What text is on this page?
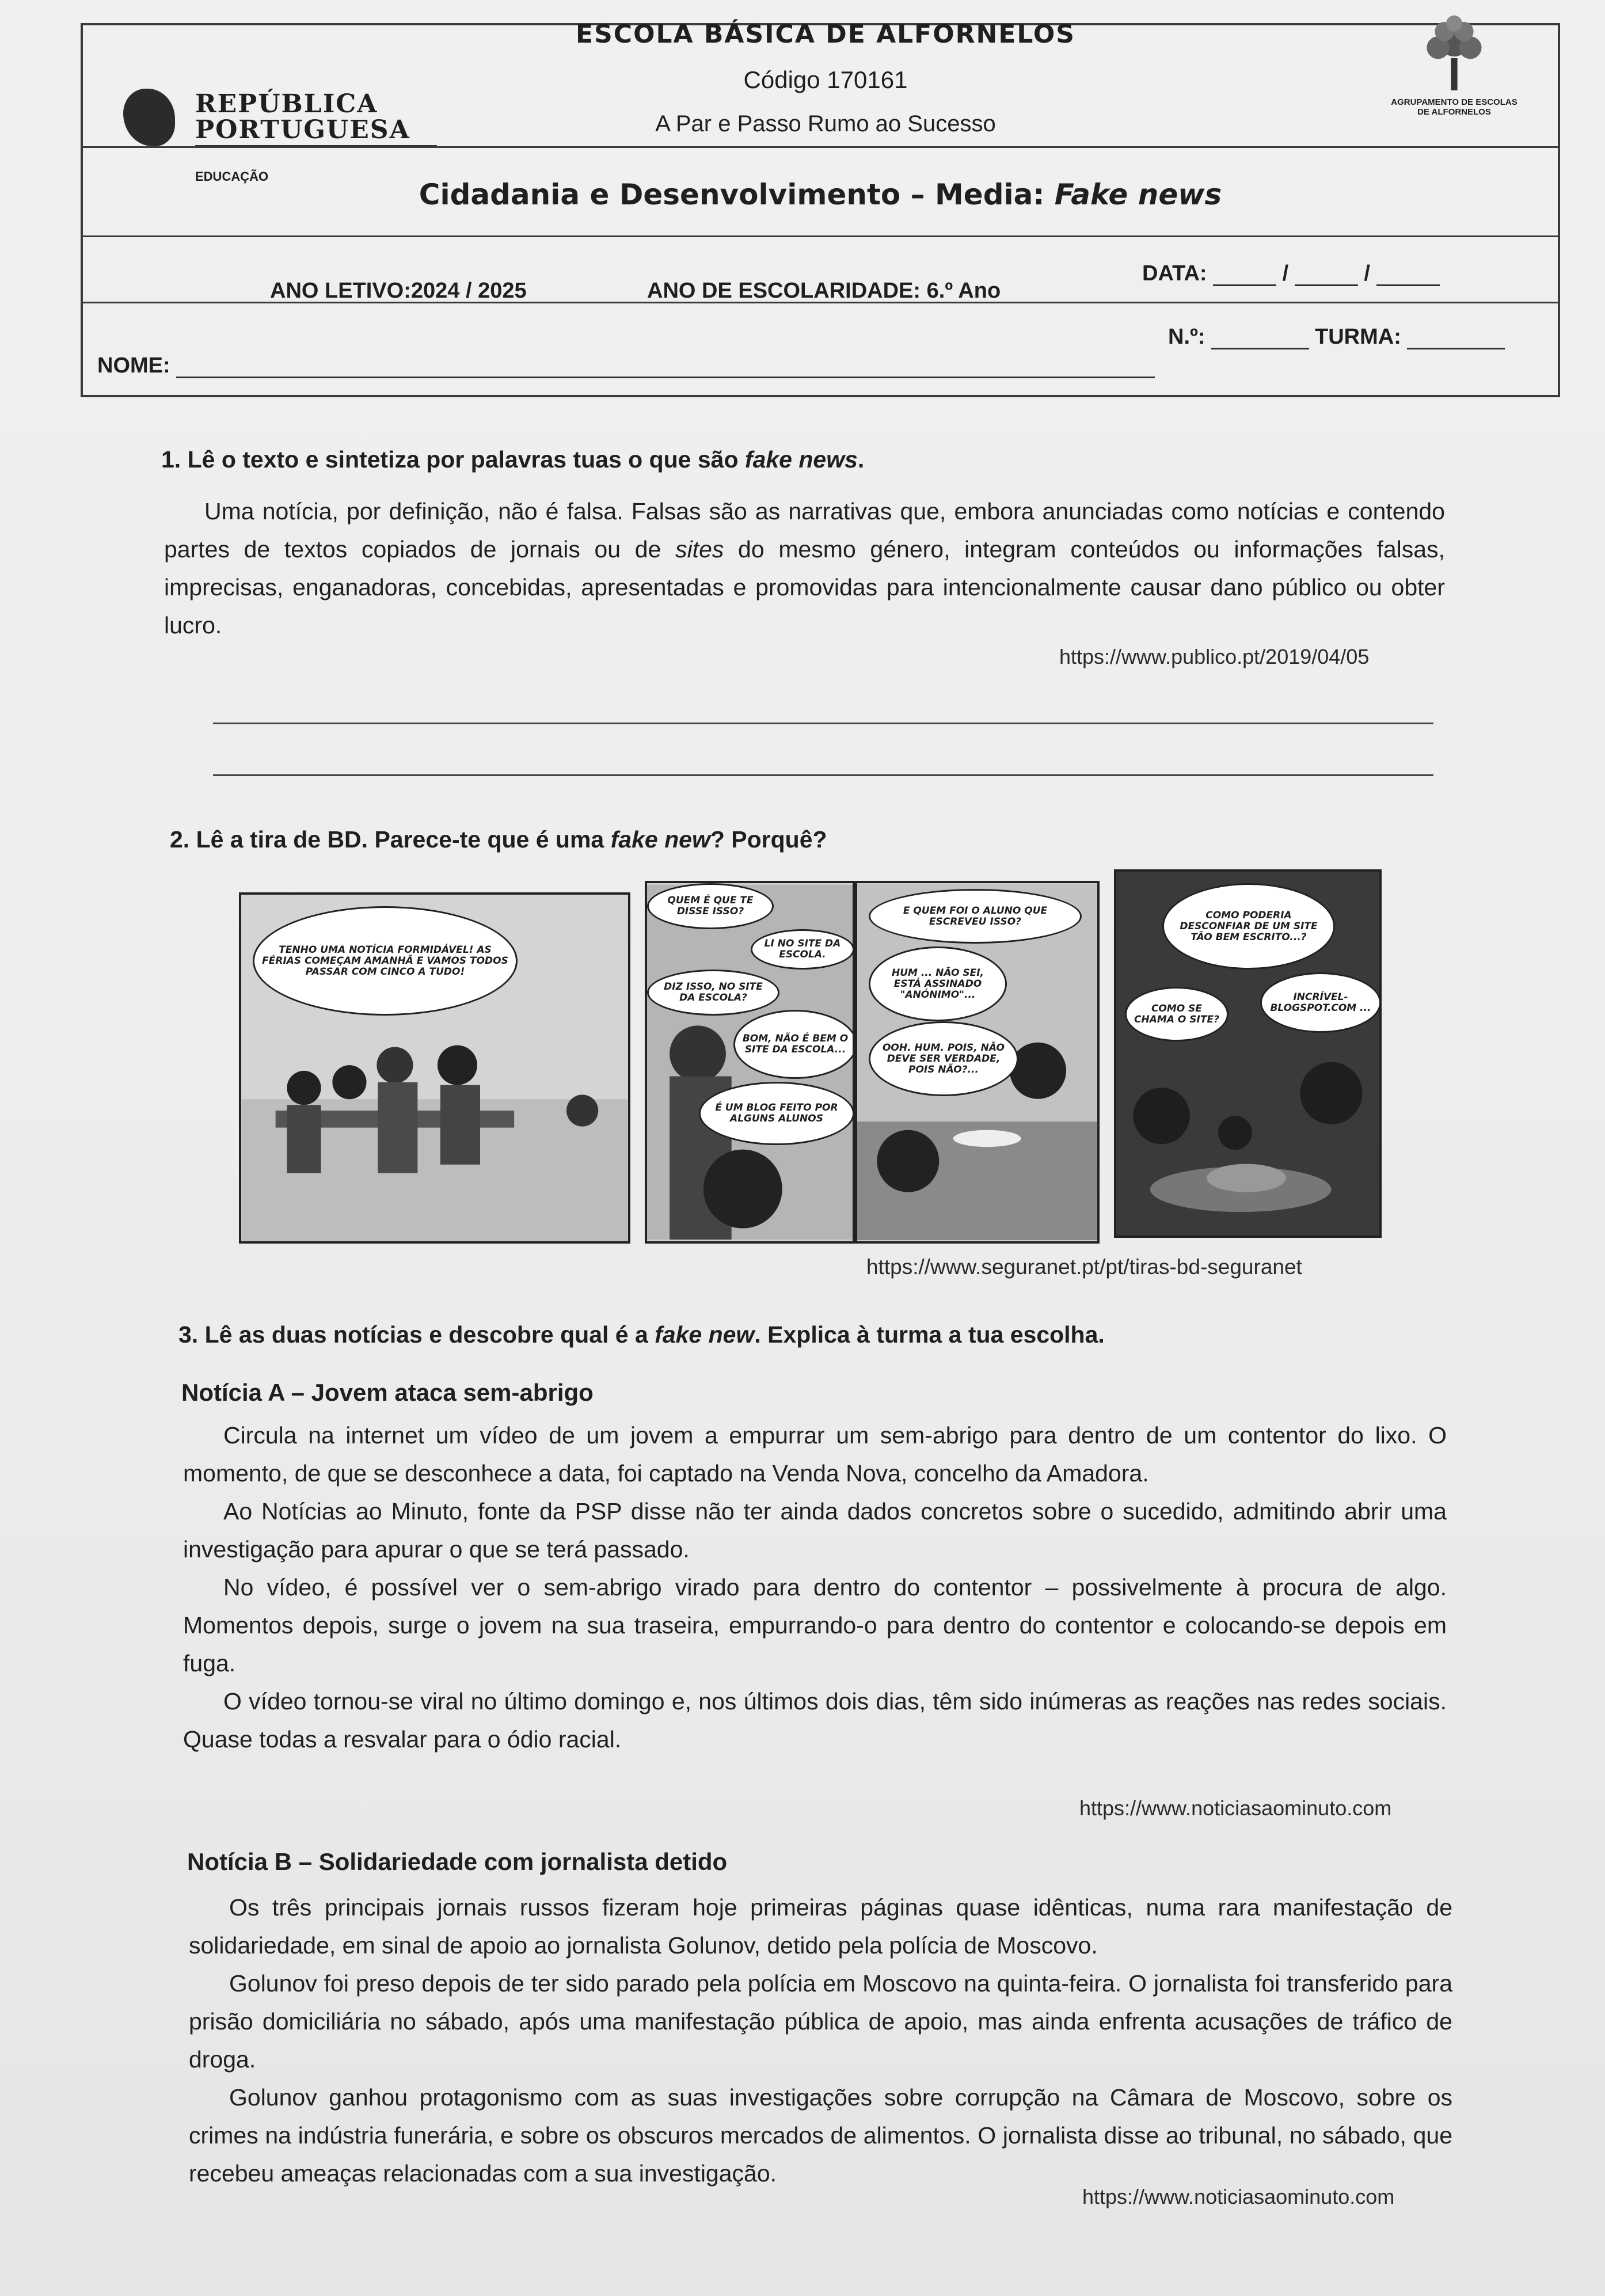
REPÚBLICA
PORTUGUESA
EDUCAÇÃO
ESCOLA BÁSICA DE ALFORNELOS
Código 170161
A Par e Passo Rumo ao Sucesso
AGRUPAMENTO DE ESCOLAS DE ALFORNELOS
Cidadania e Desenvolvimento – Media: Fake news
ANO LETIVO:2024 / 2025	ANO DE ESCOLARIDADE: 6.º Ano
DATA:	/	/
NOME:
N.º:	TURMA:
1. Lê o texto e sintetiza por palavras tuas o que são fake news.

Uma notícia, por definição, não é falsa. Falsas são as narrativas que, embora anunciadas como notícias e contendo partes de textos copiados de jornais ou de sites do mesmo género, integram conteúdos ou informações falsas, imprecisas, enganadoras, concebidas, apresentadas e promovidas para intencionalmente causar dano público ou obter lucro.

https://www.publico.pt/2019/04/05
2. Lê a tira de BD. Parece-te que é uma fake new? Porquê?
TENHO UMA NOTÍCIA FORMIDÁVEL! AS FÉRIAS COMEÇAM AMANHÃ E VAMOS TODOS PASSAR COM CINCO A TUDO!
QUEM É QUE TE DISSE ISSO?
LI NO SITE DA ESCOLA.
DIZ ISSO, NO SITE DA ESCOLA?
BOM, NÃO É BEM O SITE DA ESCOLA...
É UM BLOG FEITO POR ALGUNS ALUNOS
E QUEM FOI O ALUNO QUE ESCREVEU ISSO?
HUM ... NÃO SEI, ESTÁ ASSINADO "ANÓNIMO"...
OOH. HUM. POIS, NÃO DEVE SER VERDADE, POIS NÃO?...
COMO PODERIA DESCONFIAR DE UM SITE TÃO BEM ESCRITO...?
COMO SE CHAMA O SITE?
INCRÍVEL-BLOGSPOT.COM ...
https://www.seguranet.pt/pt/tiras-bd-seguranet
3. Lê as duas notícias e descobre qual é a fake new. Explica à turma a tua escolha.
Notícia A – Jovem ataca sem-abrigo

Circula na internet um vídeo de um jovem a empurrar um sem-abrigo para dentro de um contentor do lixo. O momento, de que se desconhece a data, foi captado na Venda Nova, concelho da Amadora.

Ao Notícias ao Minuto, fonte da PSP disse não ter ainda dados concretos sobre o sucedido, admitindo abrir uma investigação para apurar o que se terá passado.

No vídeo, é possível ver o sem-abrigo virado para dentro do contentor – possivelmente à procura de algo. Momentos depois, surge o jovem na sua traseira, empurrando-o para dentro do contentor e colocando-se depois em fuga.

O vídeo tornou-se viral no último domingo e, nos últimos dois dias, têm sido inúmeras as reações nas redes sociais. Quase todas a resvalar para o ódio racial.

https://www.noticiasaominuto.com
Notícia B – Solidariedade com jornalista detido

Os três principais jornais russos fizeram hoje primeiras páginas quase idênticas, numa rara manifestação de solidariedade, em sinal de apoio ao jornalista Golunov, detido pela polícia de Moscovo.

Golunov foi preso depois de ter sido parado pela polícia em Moscovo na quinta-feira. O jornalista foi transferido para prisão domiciliária no sábado, após uma manifestação pública de apoio, mas ainda enfrenta acusações de tráfico de droga.

Golunov ganhou protagonismo com as suas investigações sobre corrupção na Câmara de Moscovo, sobre os crimes na indústria funerária, e sobre os obscuros mercados de alimentos. O jornalista disse ao tribunal, no sábado, que recebeu ameaças relacionadas com a sua investigação.

https://www.noticiasaominuto.com
